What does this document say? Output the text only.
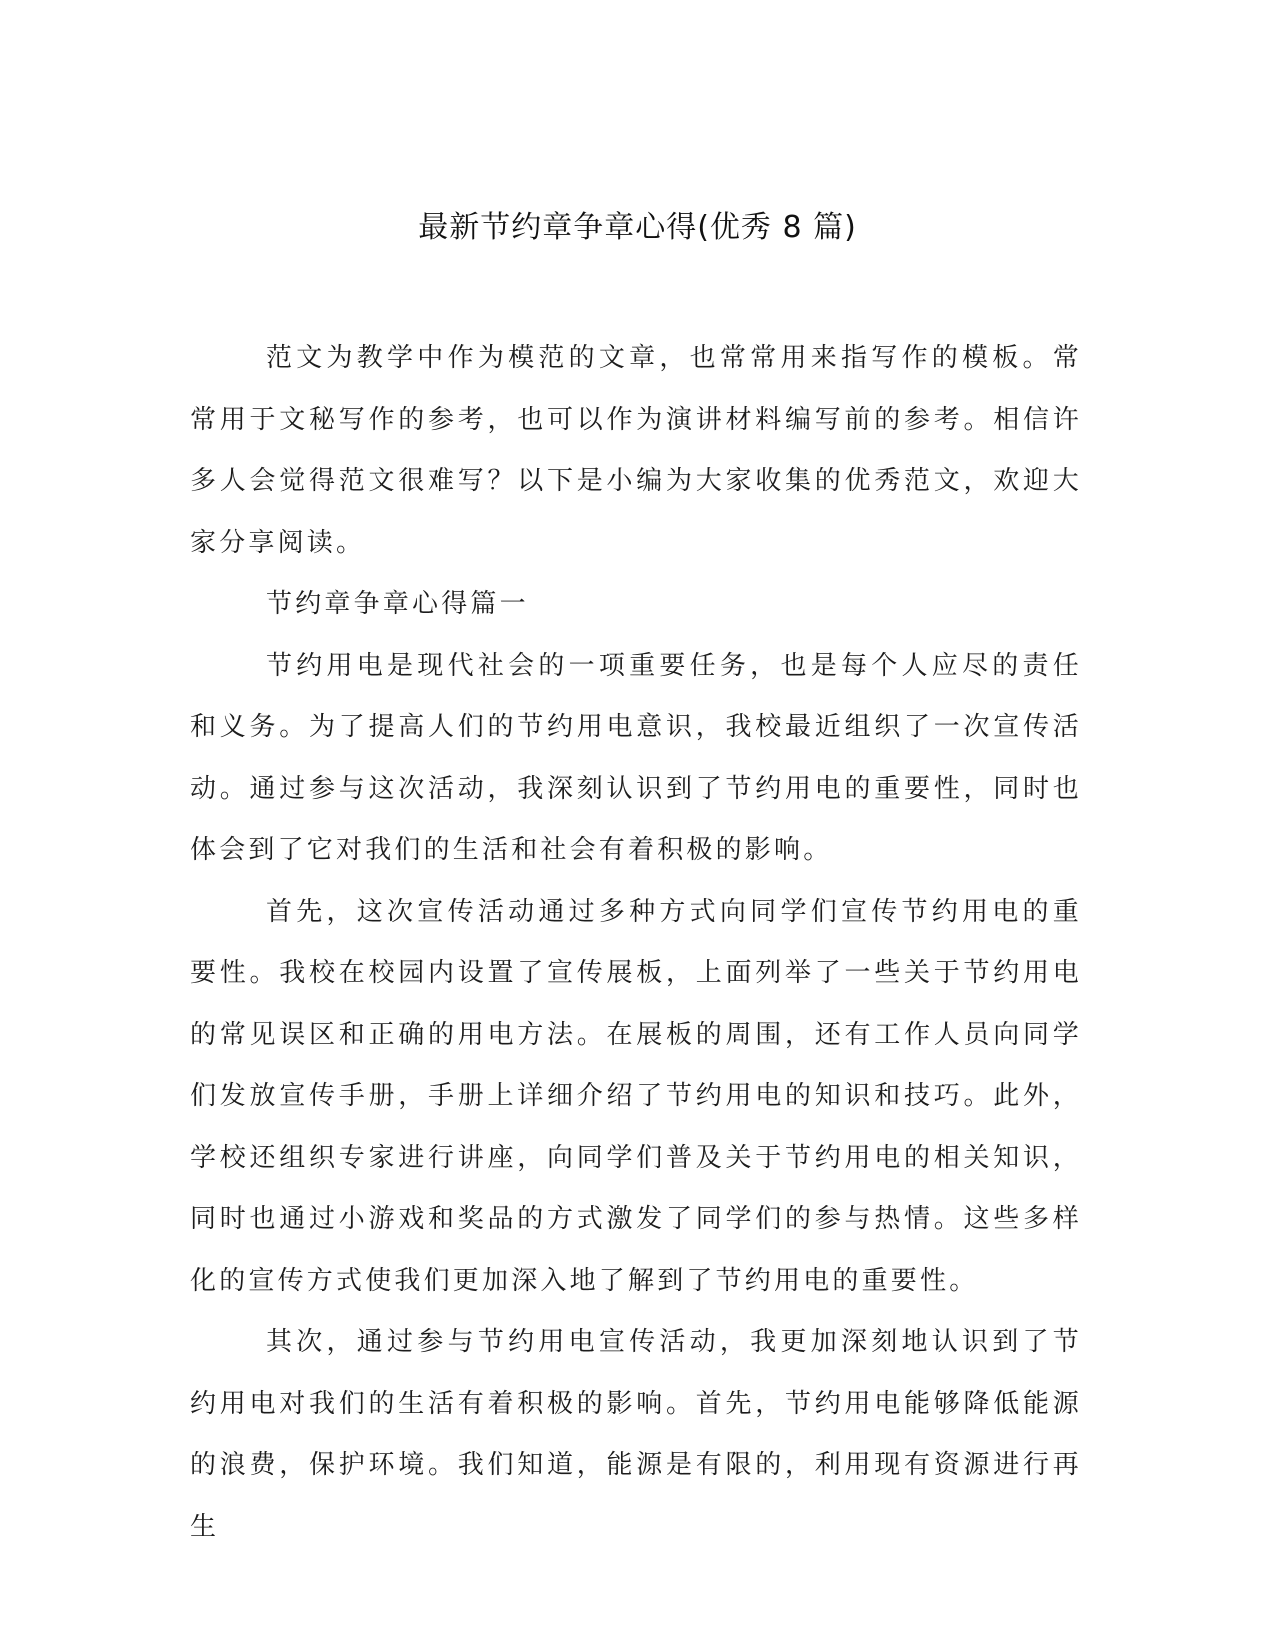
最新节约章争章心得(优秀 8 篇)

范文为教学中作为模范的文章，也常常用来指写作的模板。常常用于文秘写作的参考，也可以作为演讲材料编写前的参考。相信许多人会觉得范文很难写？以下是小编为大家收集的优秀范文，欢迎大家分享阅读。

节约章争章心得篇一

节约用电是现代社会的一项重要任务，也是每个人应尽的责任和义务。为了提高人们的节约用电意识，我校最近组织了一次宣传活动。通过参与这次活动，我深刻认识到了节约用电的重要性，同时也体会到了它对我们的生活和社会有着积极的影响。

首先，这次宣传活动通过多种方式向同学们宣传节约用电的重要性。我校在校园内设置了宣传展板，上面列举了一些关于节约用电的常见误区和正确的用电方法。在展板的周围，还有工作人员向同学们发放宣传手册，手册上详细介绍了节约用电的知识和技巧。此外，学校还组织专家进行讲座，向同学们普及关于节约用电的相关知识，同时也通过小游戏和奖品的方式激发了同学们的参与热情。这些多样化的宣传方式使我们更加深入地了解到了节约用电的重要性。

其次，通过参与节约用电宣传活动，我更加深刻地认识到了节约用电对我们的生活有着积极的影响。首先，节约用电能够降低能源的浪费，保护环境。我们知道，能源是有限的，利用现有资源进行再生
